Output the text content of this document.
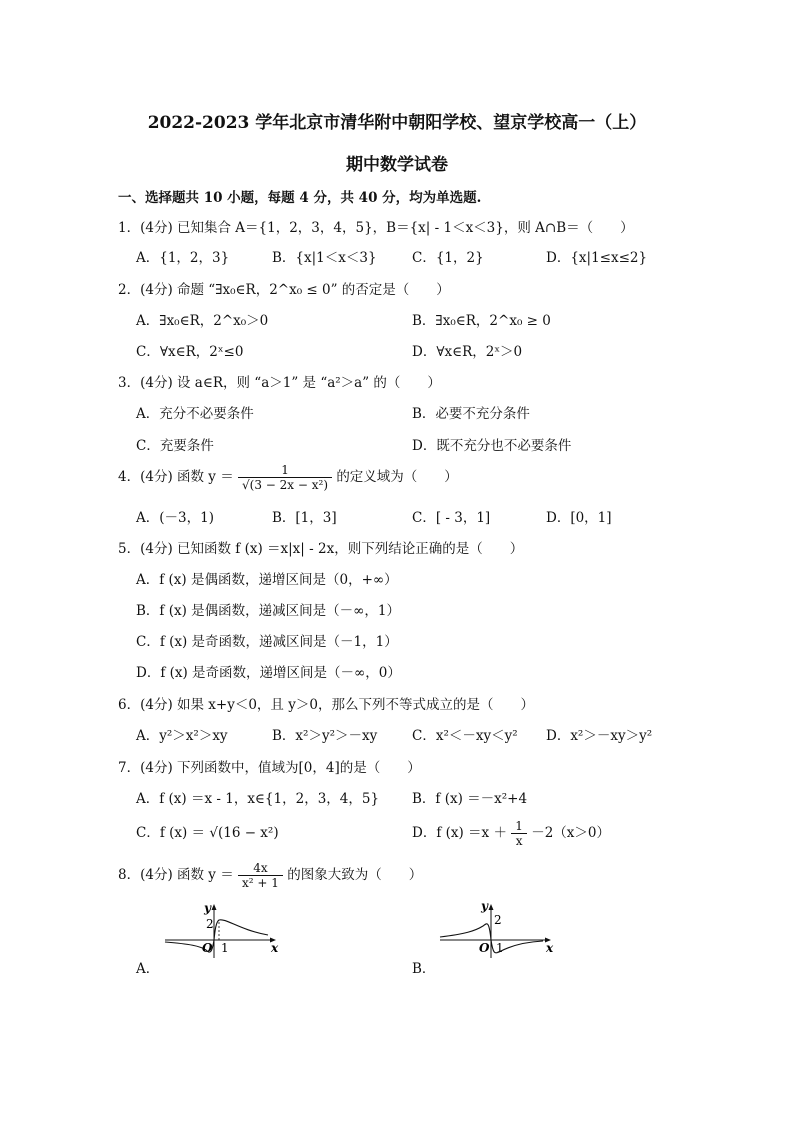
2022-2023 学年北京市清华附中朝阳学校、望京学校高一（上）
期中数学试卷
一、选择题共 10 小题，每题 4 分，共 40 分，均为单选题.
1．(4分) 已知集合 A＝{1，2，3，4，5}，B＝{x| - 1＜x＜3}，则 A∩B＝（　　）
A．{1，2，3}	B．{x|1＜x＜3}	C．{1，2}	D．{x|1≤x≤2}
2．(4分) 命题 “∃x₀∈R，2^x₀ ≤ 0” 的否定是（　　）
A．∃x₀∈R，2^x₀＞0	B．∃x₀∈R，2^x₀ ≥ 0
C．∀x∈R，2ˣ≤0	D．∀x∈R，2ˣ＞0
3．(4分) 设 a∈R，则 “a＞1” 是 “a²＞a” 的（　　）
A．充分不必要条件	B．必要不充分条件
C．充要条件	D．既不充分也不必要条件
4．(4分) 函数 $y = \frac{1}{\text{√(3 − 2x − x²)}}$ 的定义域为（　　）
A．(－3，1)	B．[1，3]	C．[ - 3，1]	D．[0，1]
5．(4分) 已知函数 f (x) ＝x|x| - 2x，则下列结论正确的是（　　）
A．f (x) 是偶函数，递增区间是（0，+∞）
B．f (x) 是偶函数，递减区间是（－∞，1）
C．f (x) 是奇函数，递减区间是（－1，1）
D．f (x) 是奇函数，递增区间是（－∞，0）
6．(4分) 如果 x+y＜0，且 y＞0，那么下列不等式成立的是（　　）
A．y²＞x²＞xy	B．x²＞y²＞－xy	C．x²＜－xy＜y² D．x²＞－xy＞y²
7．(4分) 下列函数中，值域为[0，4]的是（　　）
A．f (x) ＝x - 1，x∈{1，2，3，4，5} B．f (x) ＝－x²+4
C．f (x) ＝ √(16 − x²)	D．f $(x) =x + \frac{1}{x} -2(x>0)$
8．(4分) 函数 $y = \frac{4x}{\text{x² + 1}}$ 的图象大致为（　　）
y
2
O 1	x
A．
y
2
O 1	x
B．
